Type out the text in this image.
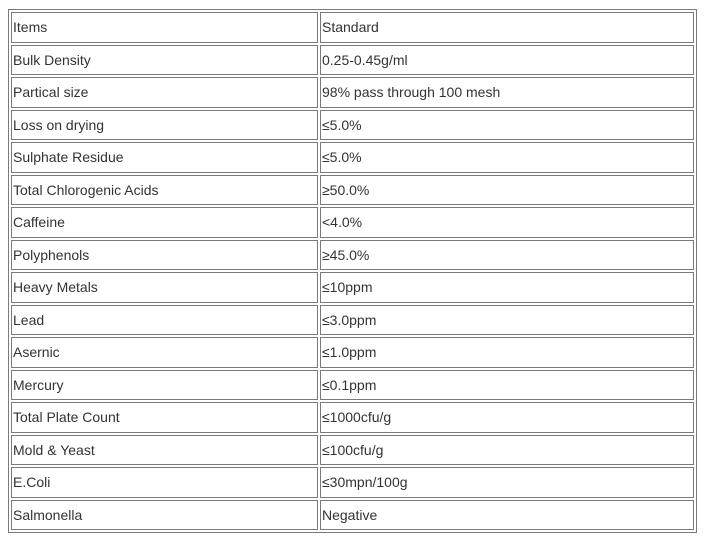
Items	Standard
Bulk Density	0.25-0.45g/ml
Partical size	98% pass through 100 mesh
Loss on drying	≤5.0%
Sulphate Residue	≤5.0%
Total Chlorogenic Acids	≥50.0%
Caffeine	<4.0%
Polyphenols	≥45.0%
Heavy Metals	≤10ppm
Lead	≤3.0ppm
Asernic	≤1.0ppm
Mercury	≤0.1ppm
Total Plate Count	≤1000cfu/g
Mold & Yeast	≤100cfu/g
E.Coli	≤30mpn/100g
Salmonella	Negative
